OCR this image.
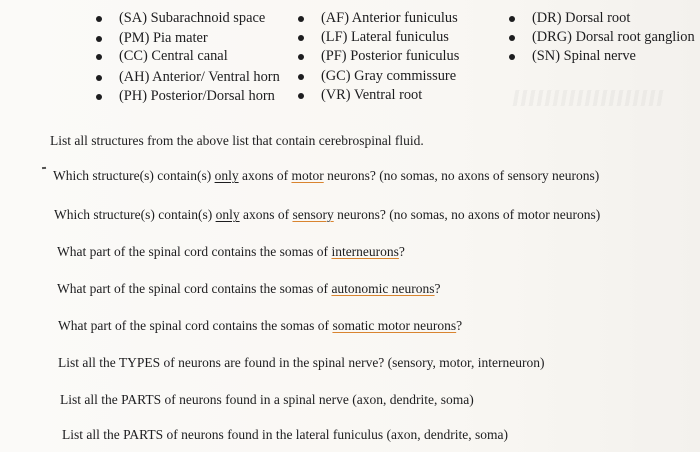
(SA) Subarachnoid space
(PM) Pia mater
(CC) Central canal
(AH) Anterior/ Ventral horn
(PH) Posterior/Dorsal horn
(AF) Anterior funiculus
(LF) Lateral funiculus
(PF) Posterior funiculus
(GC) Gray commissure
(VR) Ventral root
(DR) Dorsal root
(DRG) Dorsal root ganglion
(SN) Spinal nerve
List all structures from the above list that contain cerebrospinal fluid.
Which structure(s) contain(s) only axons of motor neurons? (no somas, no axons of sensory neurons)
Which structure(s) contain(s) only axons of sensory neurons? (no somas, no axons of motor neurons)
What part of the spinal cord contains the somas of interneurons?
What part of the spinal cord contains the somas of autonomic neurons?
What part of the spinal cord contains the somas of somatic motor neurons?
List all the TYPES of neurons are found in the spinal nerve? (sensory, motor, interneuron)
List all the PARTS of neurons found in a spinal nerve (axon, dendrite, soma)
List all the PARTS of neurons found in the lateral funiculus (axon, dendrite, soma)
